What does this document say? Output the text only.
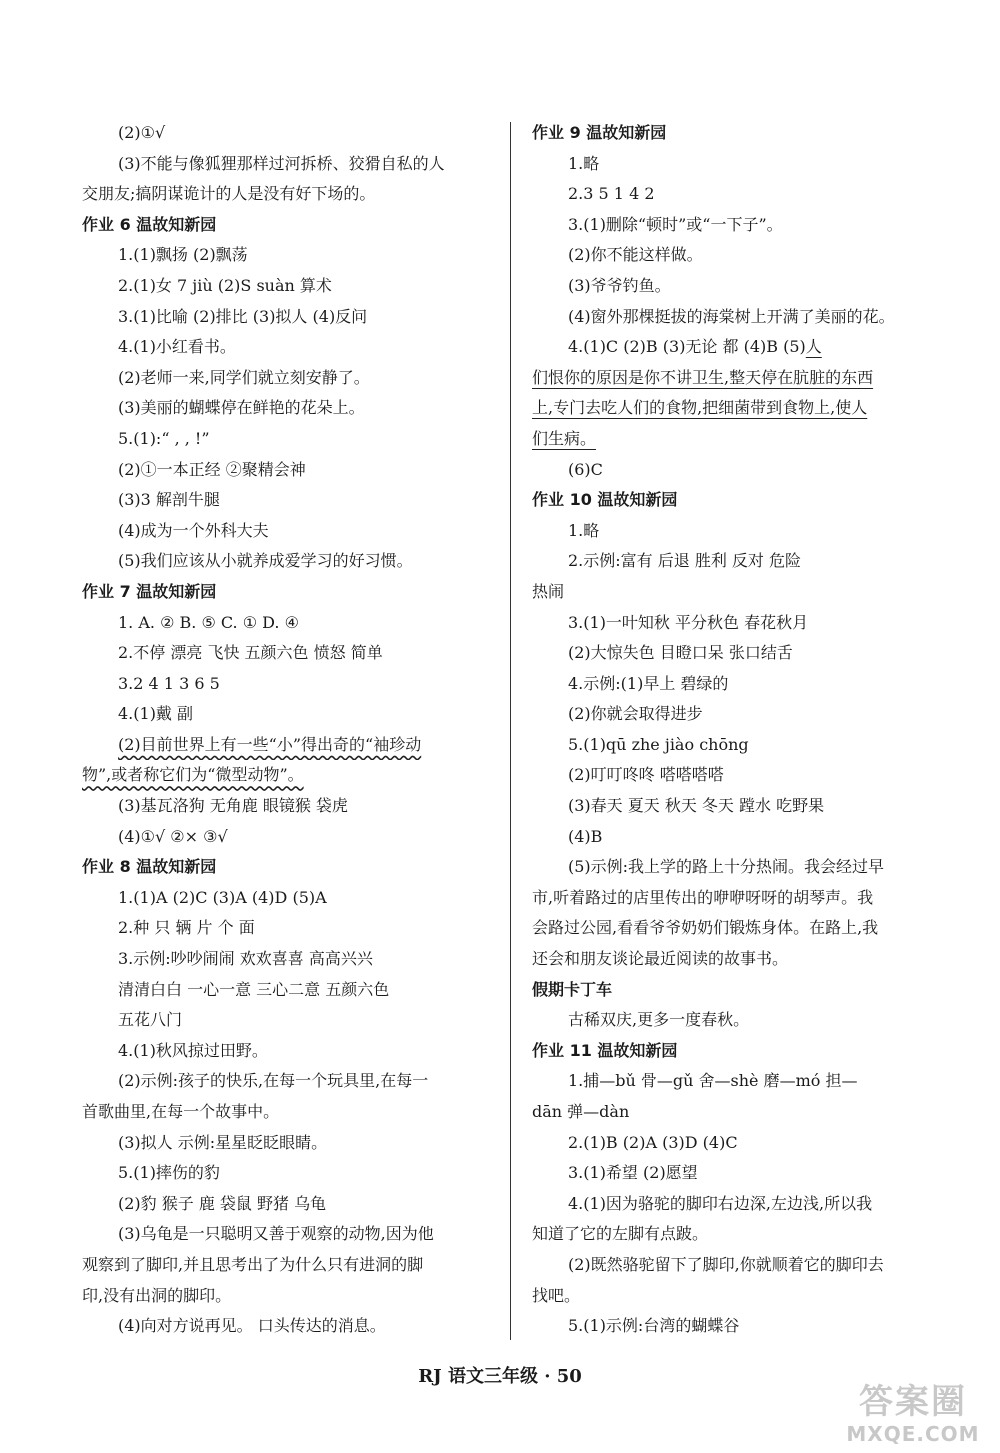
(2)①√
(3)不能与像狐狸那样过河拆桥、狡猾自私的人
交朋友;搞阴谋诡计的人是没有好下场的。
作业 6 温故知新园
1.(1)飘扬 (2)飘荡
2.(1)女 7 jiù (2)S suàn 算术
3.(1)比喻 (2)排比 (3)拟人 (4)反问
4.(1)小红看书。
(2)老师一来,同学们就立刻安静了。
(3)美丽的蝴蝶停在鲜艳的花朵上。
5.(1):“ , , !”
(2)①一本正经 ②聚精会神
(3)3 解剖牛腿
(4)成为一个外科大夫
(5)我们应该从小就养成爱学习的好习惯。
作业 7 温故知新园
1. A. ② B. ⑤ C. ① D. ④
2.不停 漂亮 飞快 五颜六色 愤怒 简单
3.2 4 1 3 6 5
4.(1)戴 副
(2)目前世界上有一些“小”得出奇的“袖珍动
物”,或者称它们为“微型动物”。
(3)基瓦洛狗 无角鹿 眼镜猴 袋虎
(4)①√ ②× ③√
作业 8 温故知新园
1.(1)A (2)C (3)A (4)D (5)A
2.种 只 辆 片 个 面
3.示例:吵吵闹闹 欢欢喜喜 高高兴兴
清清白白 一心一意 三心二意 五颜六色
五花八门
4.(1)秋风掠过田野。
(2)示例:孩子的快乐,在每一个玩具里,在每一
首歌曲里,在每一个故事中。
(3)拟人 示例:星星眨眨眼睛。
5.(1)摔伤的豹
(2)豹 猴子 鹿 袋鼠 野猪 乌龟
(3)乌龟是一只聪明又善于观察的动物,因为他
观察到了脚印,并且思考出了为什么只有进洞的脚
印,没有出洞的脚印。
(4)向对方说再见。 口头传达的消息。
作业 9 温故知新园
1.略
2.3 5 1 4 2
3.(1)删除“顿时”或“一下子”。
(2)你不能这样做。
(3)爷爷钓鱼。
(4)窗外那棵挺拔的海棠树上开满了美丽的花。
4.(1)C (2)B (3)无论 都 (4)B (5)人
们恨你的原因是你不讲卫生,整天停在肮脏的东西
上,专门去吃人们的食物,把细菌带到食物上,使人
们生病。
(6)C
作业 10 温故知新园
1.略
2.示例:富有 后退 胜利 反对 危险
热闹
3.(1)一叶知秋 平分秋色 春花秋月
(2)大惊失色 目瞪口呆 张口结舌
4.示例:(1)早上 碧绿的
(2)你就会取得进步
5.(1)qū zhe jiào chōng
(2)叮叮咚咚 嗒嗒嗒嗒
(3)春天 夏天 秋天 冬天 蹚水 吃野果
(4)B
(5)示例:我上学的路上十分热闹。我会经过早
市,听着路过的店里传出的咿咿呀呀的胡琴声。我
会路过公园,看看爷爷奶奶们锻炼身体。在路上,我
还会和朋友谈论最近阅读的故事书。
假期卡丁车
古稀双庆,更多一度春秋。
作业 11 温故知新园
1.捕—bǔ 骨—gǔ 舍—shè 磨—mó 担—
dān 弹—dàn
2.(1)B (2)A (3)D (4)C
3.(1)希望 (2)愿望
4.(1)因为骆驼的脚印右边深,左边浅,所以我
知道了它的左脚有点跛。
(2)既然骆驼留下了脚印,你就顺着它的脚印去
找吧。
5.(1)示例:台湾的蝴蝶谷
RJ 语文三年级 · 50
答案圈
MXQE.COM
